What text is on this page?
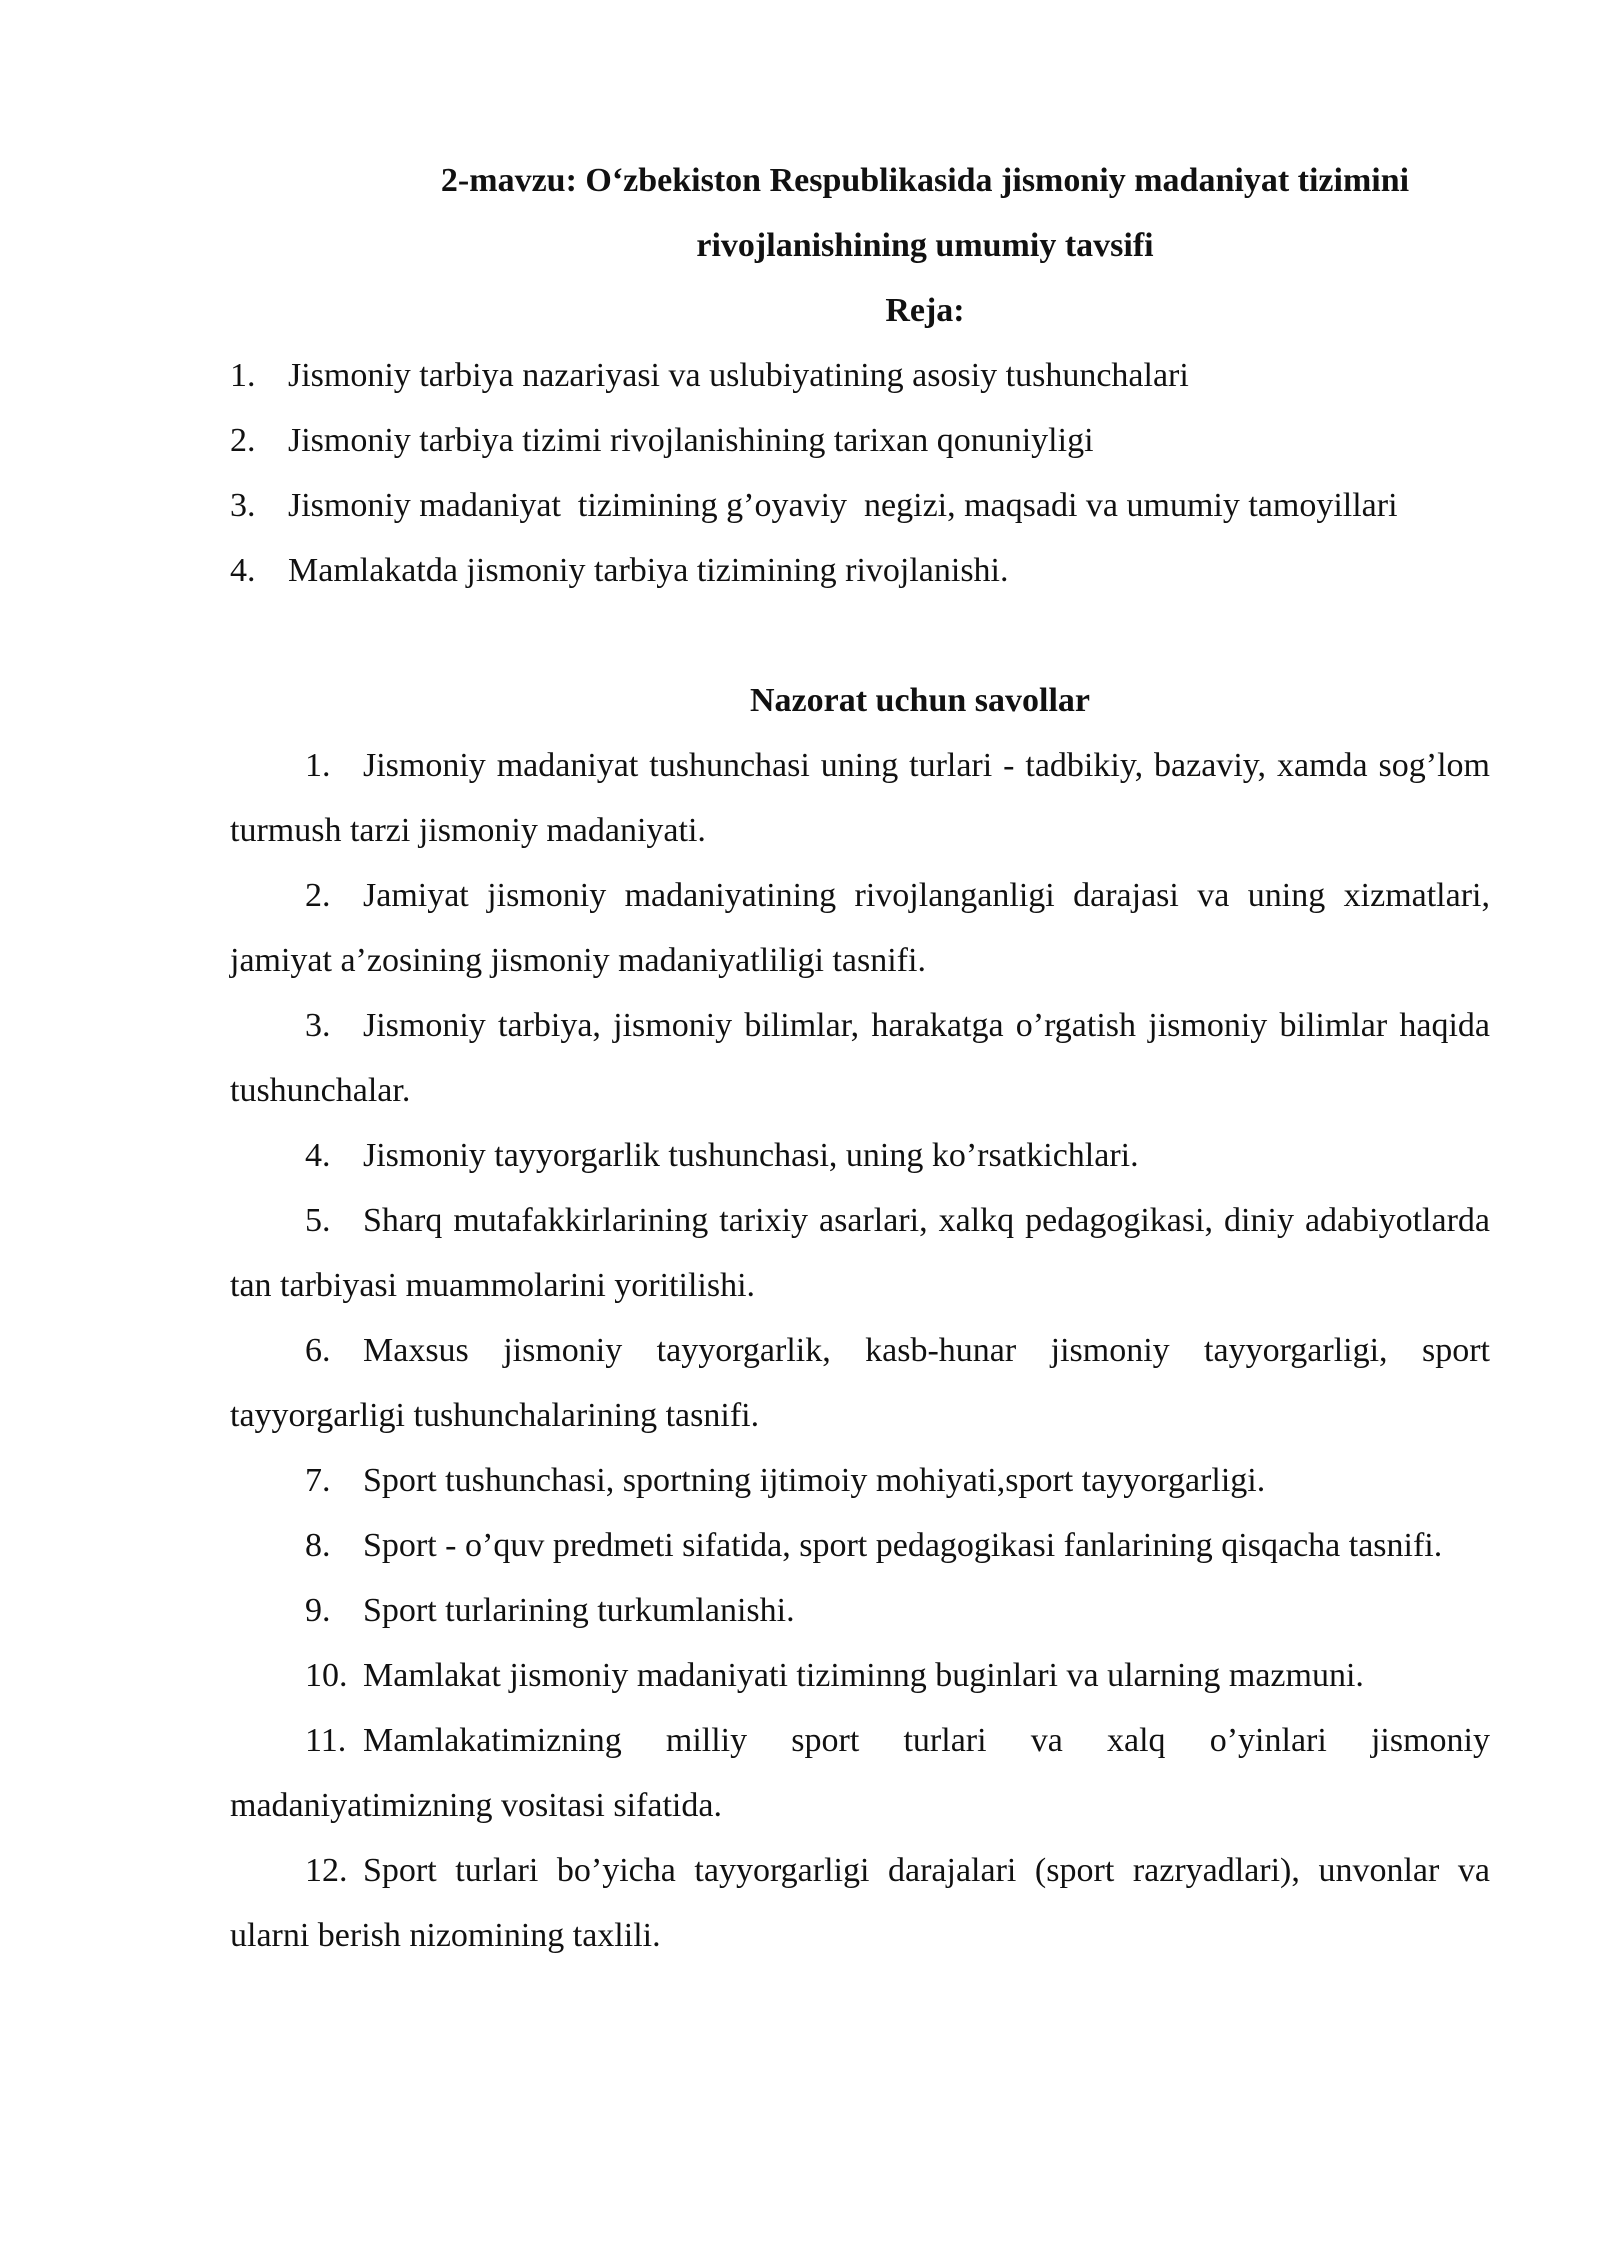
2-mavzu: O‘zbekiston Respublikasida jismoniy madaniyat tizimini
rivojlanishining umumiy tavsifi

Reja:

1. Jismoniy tarbiya nazariyasi va uslubiyatining asosiy tushunchalari
2. Jismoniy tarbiya tizimi rivojlanishining tarixan qonuniyligi
3. Jismoniy madaniyat  tizimining g’oyaviy  negizi, maqsadi va umumiy tamoyillari
4. Mamlakatda jismoniy tarbiya tizimining rivojlanishi.

Nazorat uchun savollar

1. Jismoniy madaniyat tushunchasi uning turlari - tadbikiy, bazaviy, xamda sog’lom turmush tarzi jismoniy madaniyati.
2. Jamiyat jismoniy madaniyatining rivojlanganligi darajasi va uning xizmatlari, jamiyat a’zosining jismoniy madaniyatliligi tasnifi.
3. Jismoniy tarbiya, jismoniy bilimlar, harakatga o’rgatish jismoniy bilimlar haqida tushunchalar.
4. Jismoniy tayyorgarlik tushunchasi, uning ko’rsatkichlari.
5. Sharq mutafakkirlarining tarixiy asarlari, xalkq pedagogikasi, diniy adabiyotlarda tan tarbiyasi muammolarini yoritilishi.
6. Maxsus jismoniy tayyorgarlik, kasb-hunar jismoniy tayyorgarligi, sport tayyorgarligi tushunchalarining tasnifi.
7. Sport tushunchasi, sportning ijtimoiy mohiyati,sport tayyorgarligi.
8. Sport - o’quv predmeti sifatida, sport pedagogikasi fanlarining qisqacha tasnifi.
9. Sport turlarining turkumlanishi.
10. Mamlakat jismoniy madaniyati tiziminng buginlari va ularning mazmuni.
11. Mamlakatimizning milliy sport turlari va xalq o’yinlari jismoniy madaniyatimizning vositasi sifatida.
12. Sport turlari bo’yicha tayyorgarligi darajalari (sport razryadlari), unvonlar va ularni berish nizomining taxlili.
